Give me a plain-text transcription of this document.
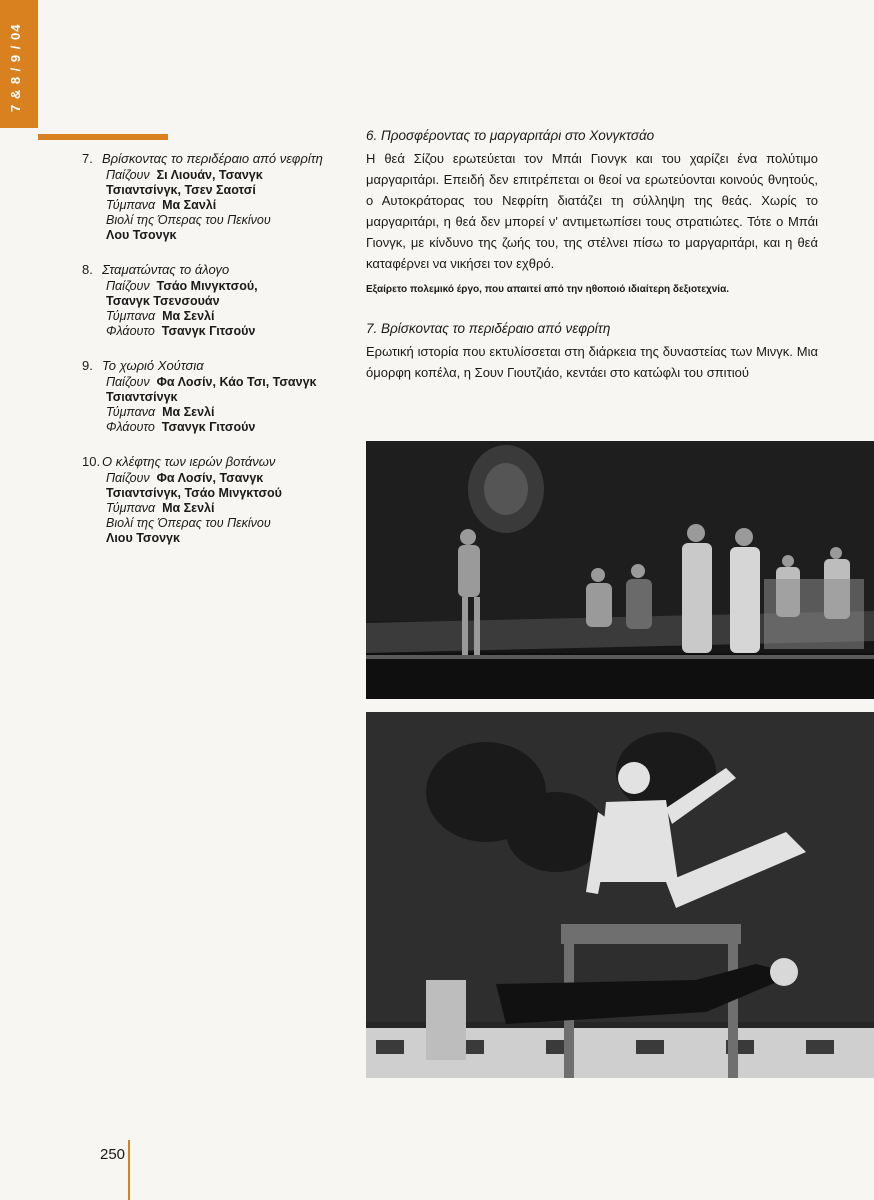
7 & 8 / 9 / 04
7. Βρίσκοντας το περιδέραιο από νεφρίτη
Παίζουν Σι Λιουάν, Τσανγκ
Τσιαντσίνγκ, Τσεν Σαοτσί
Τύμπανα Μα Σανλί
Βιολί της Όπερας του Πεκίνου
Λου Τσονγκ
8. Σταματώντας το άλογο
Παίζουν Τσάο Μινγκτσού,
Τσανγκ Τσενσουάν
Τύμπανα Μα Σενλί
Φλάουτο Τσανγκ Γιτσούν
9. Το χωριό Χούτσια
Παίζουν Φα Λοσίν, Κάο Τσι, Τσανγκ
Τσιαντσίνγκ
Τύμπανα Μα Σενλί
Φλάουτο Τσανγκ Γιτσούν
10. Ο κλέφτης των ιερών βοτάνων
Παίζουν Φα Λοσίν, Τσανγκ
Τσιαντσίνγκ, Τσάο Μινγκτσού
Τύμπανα Μα Σενλί
Βιολί της Όπερας του Πεκίνου
Λιου Τσονγκ
6. Προσφέροντας το μαργαριτάρι στο Χονγκτσάο

Η θεά Σίζου ερωτεύεται τον Μπάι Γιονγκ και του χαρίζει ένα πολύτιμο μαργαριτάρι. Επειδή δεν επιτρέπεται οι θεοί να ερωτεύονται κοινούς θνητούς, ο Αυτοκράτορας του Νεφρίτη διατάζει τη σύλληψη της θεάς. Χωρίς το μαργαριτάρι, η θεά δεν μπορεί ν' αντιμετωπίσει τους στρατιώτες. Τότε ο Μπάι Γιονγκ, με κίνδυνο της ζωής του, της στέλνει πίσω το μαργαριτάρι, και η θεά καταφέρνει να νικήσει τον εχθρό.

Εξαίρετο πολεμικό έργο, που απαιτεί από την ηθοποιό ιδιαίτερη δεξιοτεχνία.
7. Βρίσκοντας το περιδέραιο από νεφρίτη

Ερωτική ιστορία που εκτυλίσσεται στη διάρκεια της δυναστείας των Μινγκ. Μια όμορφη κοπέλα, η Σουν Γιουτζιάο, κεντάει στο κατώφλι του σπιτιού

250
